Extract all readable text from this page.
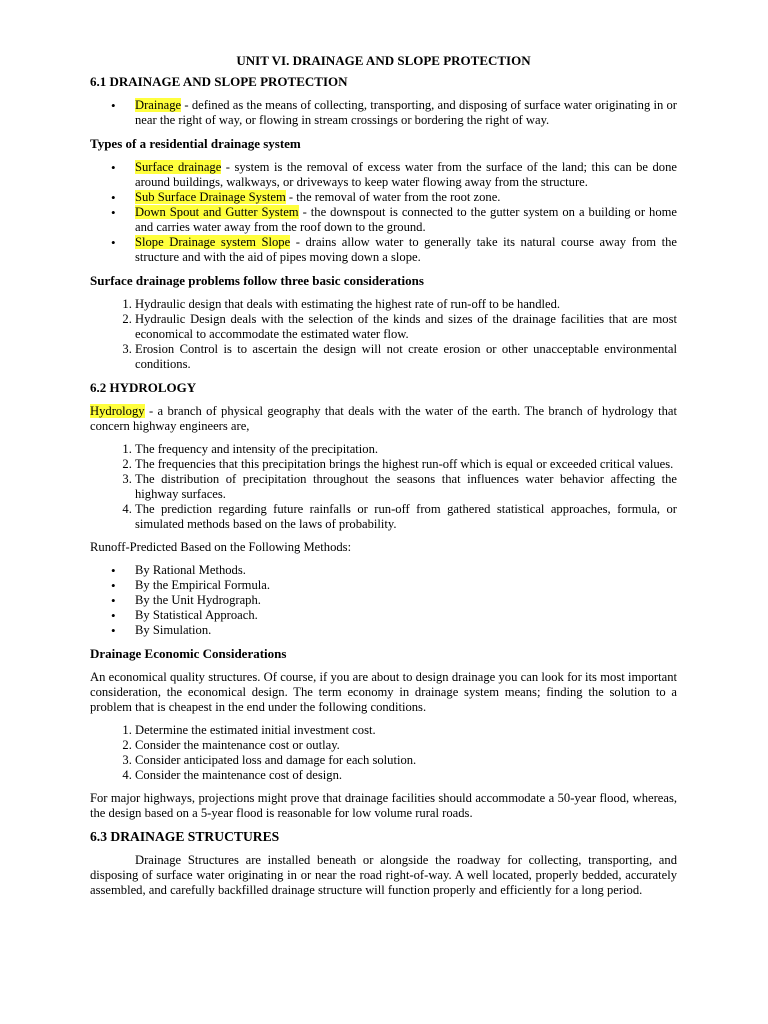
UNIT VI. DRAINAGE AND SLOPE PROTECTION
6.1 DRAINAGE AND SLOPE PROTECTION
• Drainage - defined as the means of collecting, transporting, and disposing of surface water originating in or near the right of way, or flowing in stream crossings or bordering the right of way.
Types of a residential drainage system
• Surface drainage - system is the removal of excess water from the surface of the land; this can be done around buildings, walkways, or driveways to keep water flowing away from the structure.
• Sub Surface Drainage System - the removal of water from the root zone.
• Down Spout and Gutter System - the downspout is connected to the gutter system on a building or home and carries water away from the roof down to the ground.
• Slope Drainage system Slope - drains allow water to generally take its natural course away from the structure and with the aid of pipes moving down a slope.
Surface drainage problems follow three basic considerations
1. Hydraulic design that deals with estimating the highest rate of run-off to be handled.
2. Hydraulic Design deals with the selection of the kinds and sizes of the drainage facilities that are most economical to accommodate the estimated water flow.
3. Erosion Control is to ascertain the design will not create erosion or other unacceptable environmental conditions.
6.2 HYDROLOGY

Hydrology - a branch of physical geography that deals with the water of the earth. The branch of hydrology that concern highway engineers are,

1. The frequency and intensity of the precipitation.
2. The frequencies that this precipitation brings the highest run-off which is equal or exceeded critical values.
3. The distribution of precipitation throughout the seasons that influences water behavior affecting the highway surfaces.
4. The prediction regarding future rainfalls or run-off from gathered statistical approaches, formula, or simulated methods based on the laws of probability.

Runoff-Predicted Based on the Following Methods:

• By Rational Methods.
• By the Empirical Formula.
• By the Unit Hydrograph.
• By Statistical Approach.
• By Simulation.
Drainage Economic Considerations

An economical quality structures. Of course, if you are about to design drainage you can look for its most important consideration, the economical design. The term economy in drainage system means; finding the solution to a problem that is cheapest in the end under the following conditions.

1. Determine the estimated initial investment cost.
2. Consider the maintenance cost or outlay.
3. Consider anticipated loss and damage for each solution.
4. Consider the maintenance cost of design.

For major highways, projections might prove that drainage facilities should accommodate a 50-year flood, whereas, the design based on a 5-year flood is reasonable for low volume rural roads.

6.3 DRAINAGE STRUCTURES

Drainage Structures are installed beneath or alongside the roadway for collecting, transporting, and disposing of surface water originating in or near the road right-of-way. A well located, properly bedded, accurately assembled, and carefully backfilled drainage structure will function properly and efficiently for a long period.
